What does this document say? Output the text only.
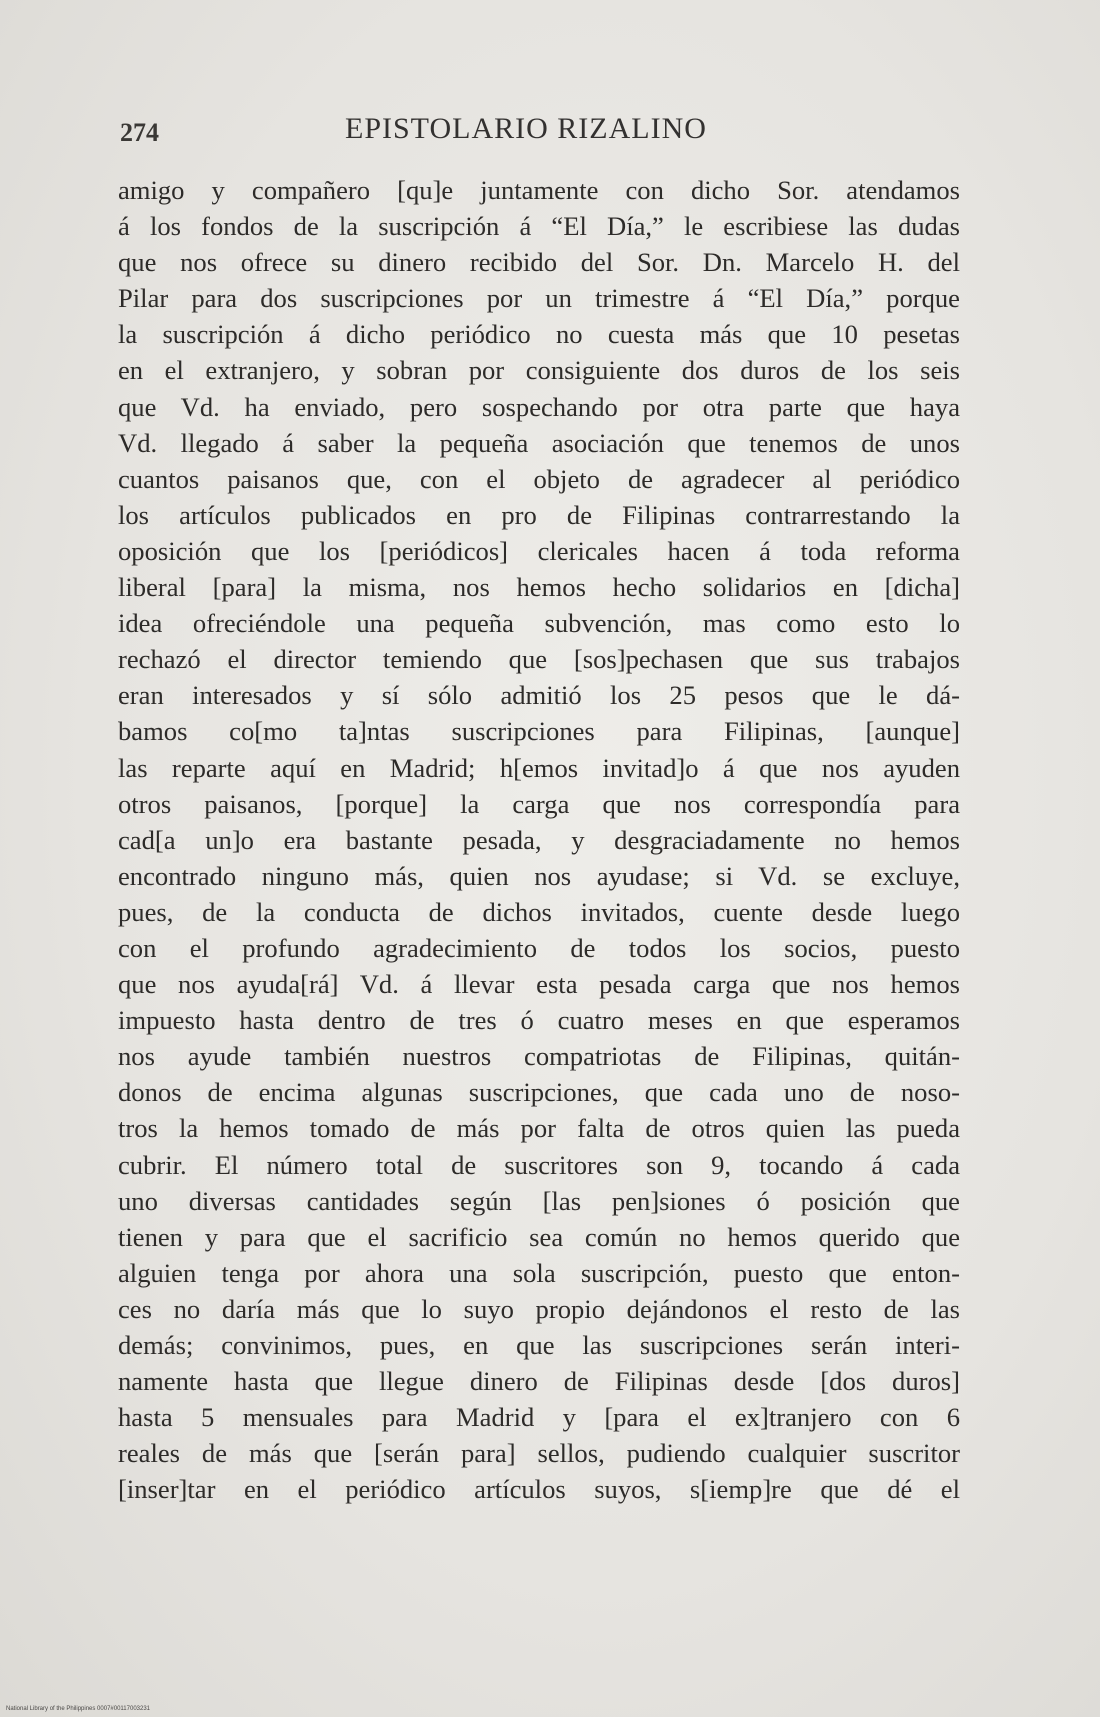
274	EPISTOLARIO RIZALINO
amigo y compañero [qu]e juntamente con dicho Sor. atendamos
á los fondos de la suscripción á “El Día,” le escribiese las dudas
que nos ofrece su dinero recibido del Sor. Dn. Marcelo H. del
Pilar para dos suscripciones por un trimestre á “El Día,” porque
la suscripción á dicho periódico no cuesta más que 10 pesetas
en el extranjero, y sobran por consiguiente dos duros de los seis
que Vd. ha enviado, pero sospechando por otra parte que haya
Vd. llegado á saber la pequeña asociación que tenemos de unos
cuantos paisanos que, con el objeto de agradecer al periódico
los artículos publicados en pro de Filipinas contrarrestando la
oposición que los [periódicos] clericales hacen á toda reforma
liberal [para] la misma, nos hemos hecho solidarios en [dicha]
idea ofreciéndole una pequeña subvención, mas como esto lo
rechazó el director temiendo que [sos]pechasen que sus trabajos
eran interesados y sí sólo admitió los 25 pesos que le dá-
bamos co[mo ta]ntas suscripciones para Filipinas, [aunque]
las reparte aquí en Madrid; h[emos invitad]o á que nos ayuden
otros paisanos, [porque] la carga que nos correspondía para
cad[a un]o era bastante pesada, y desgraciadamente no hemos
encontrado ninguno más, quien nos ayudase; si Vd. se excluye,
pues, de la conducta de dichos invitados, cuente desde luego
con el profundo agradecimiento de todos los socios, puesto
que nos ayuda[rá] Vd. á llevar esta pesada carga que nos hemos
impuesto hasta dentro de tres ó cuatro meses en que esperamos
nos ayude también nuestros compatriotas de Filipinas, quitán-
donos de encima algunas suscripciones, que cada uno de noso-
tros la hemos tomado de más por falta de otros quien las pueda
cubrir. El número total de suscritores son 9, tocando á cada
uno diversas cantidades según [las pen]siones ó posición que
tienen y para que el sacrificio sea común no hemos querido que
alguien tenga por ahora una sola suscripción, puesto que enton-
ces no daría más que lo suyo propio dejándonos el resto de las
demás; convinimos, pues, en que las suscripciones serán interi-
namente hasta que llegue dinero de Filipinas desde [dos duros]
hasta 5 mensuales para Madrid y [para el ex]tranjero con 6
reales de más que [serán para] sellos, pudiendo cualquier suscritor
[inser]tar en el periódico artículos suyos, s[iemp]re que dé el
National Library of the Philippines 0007#00117003231
